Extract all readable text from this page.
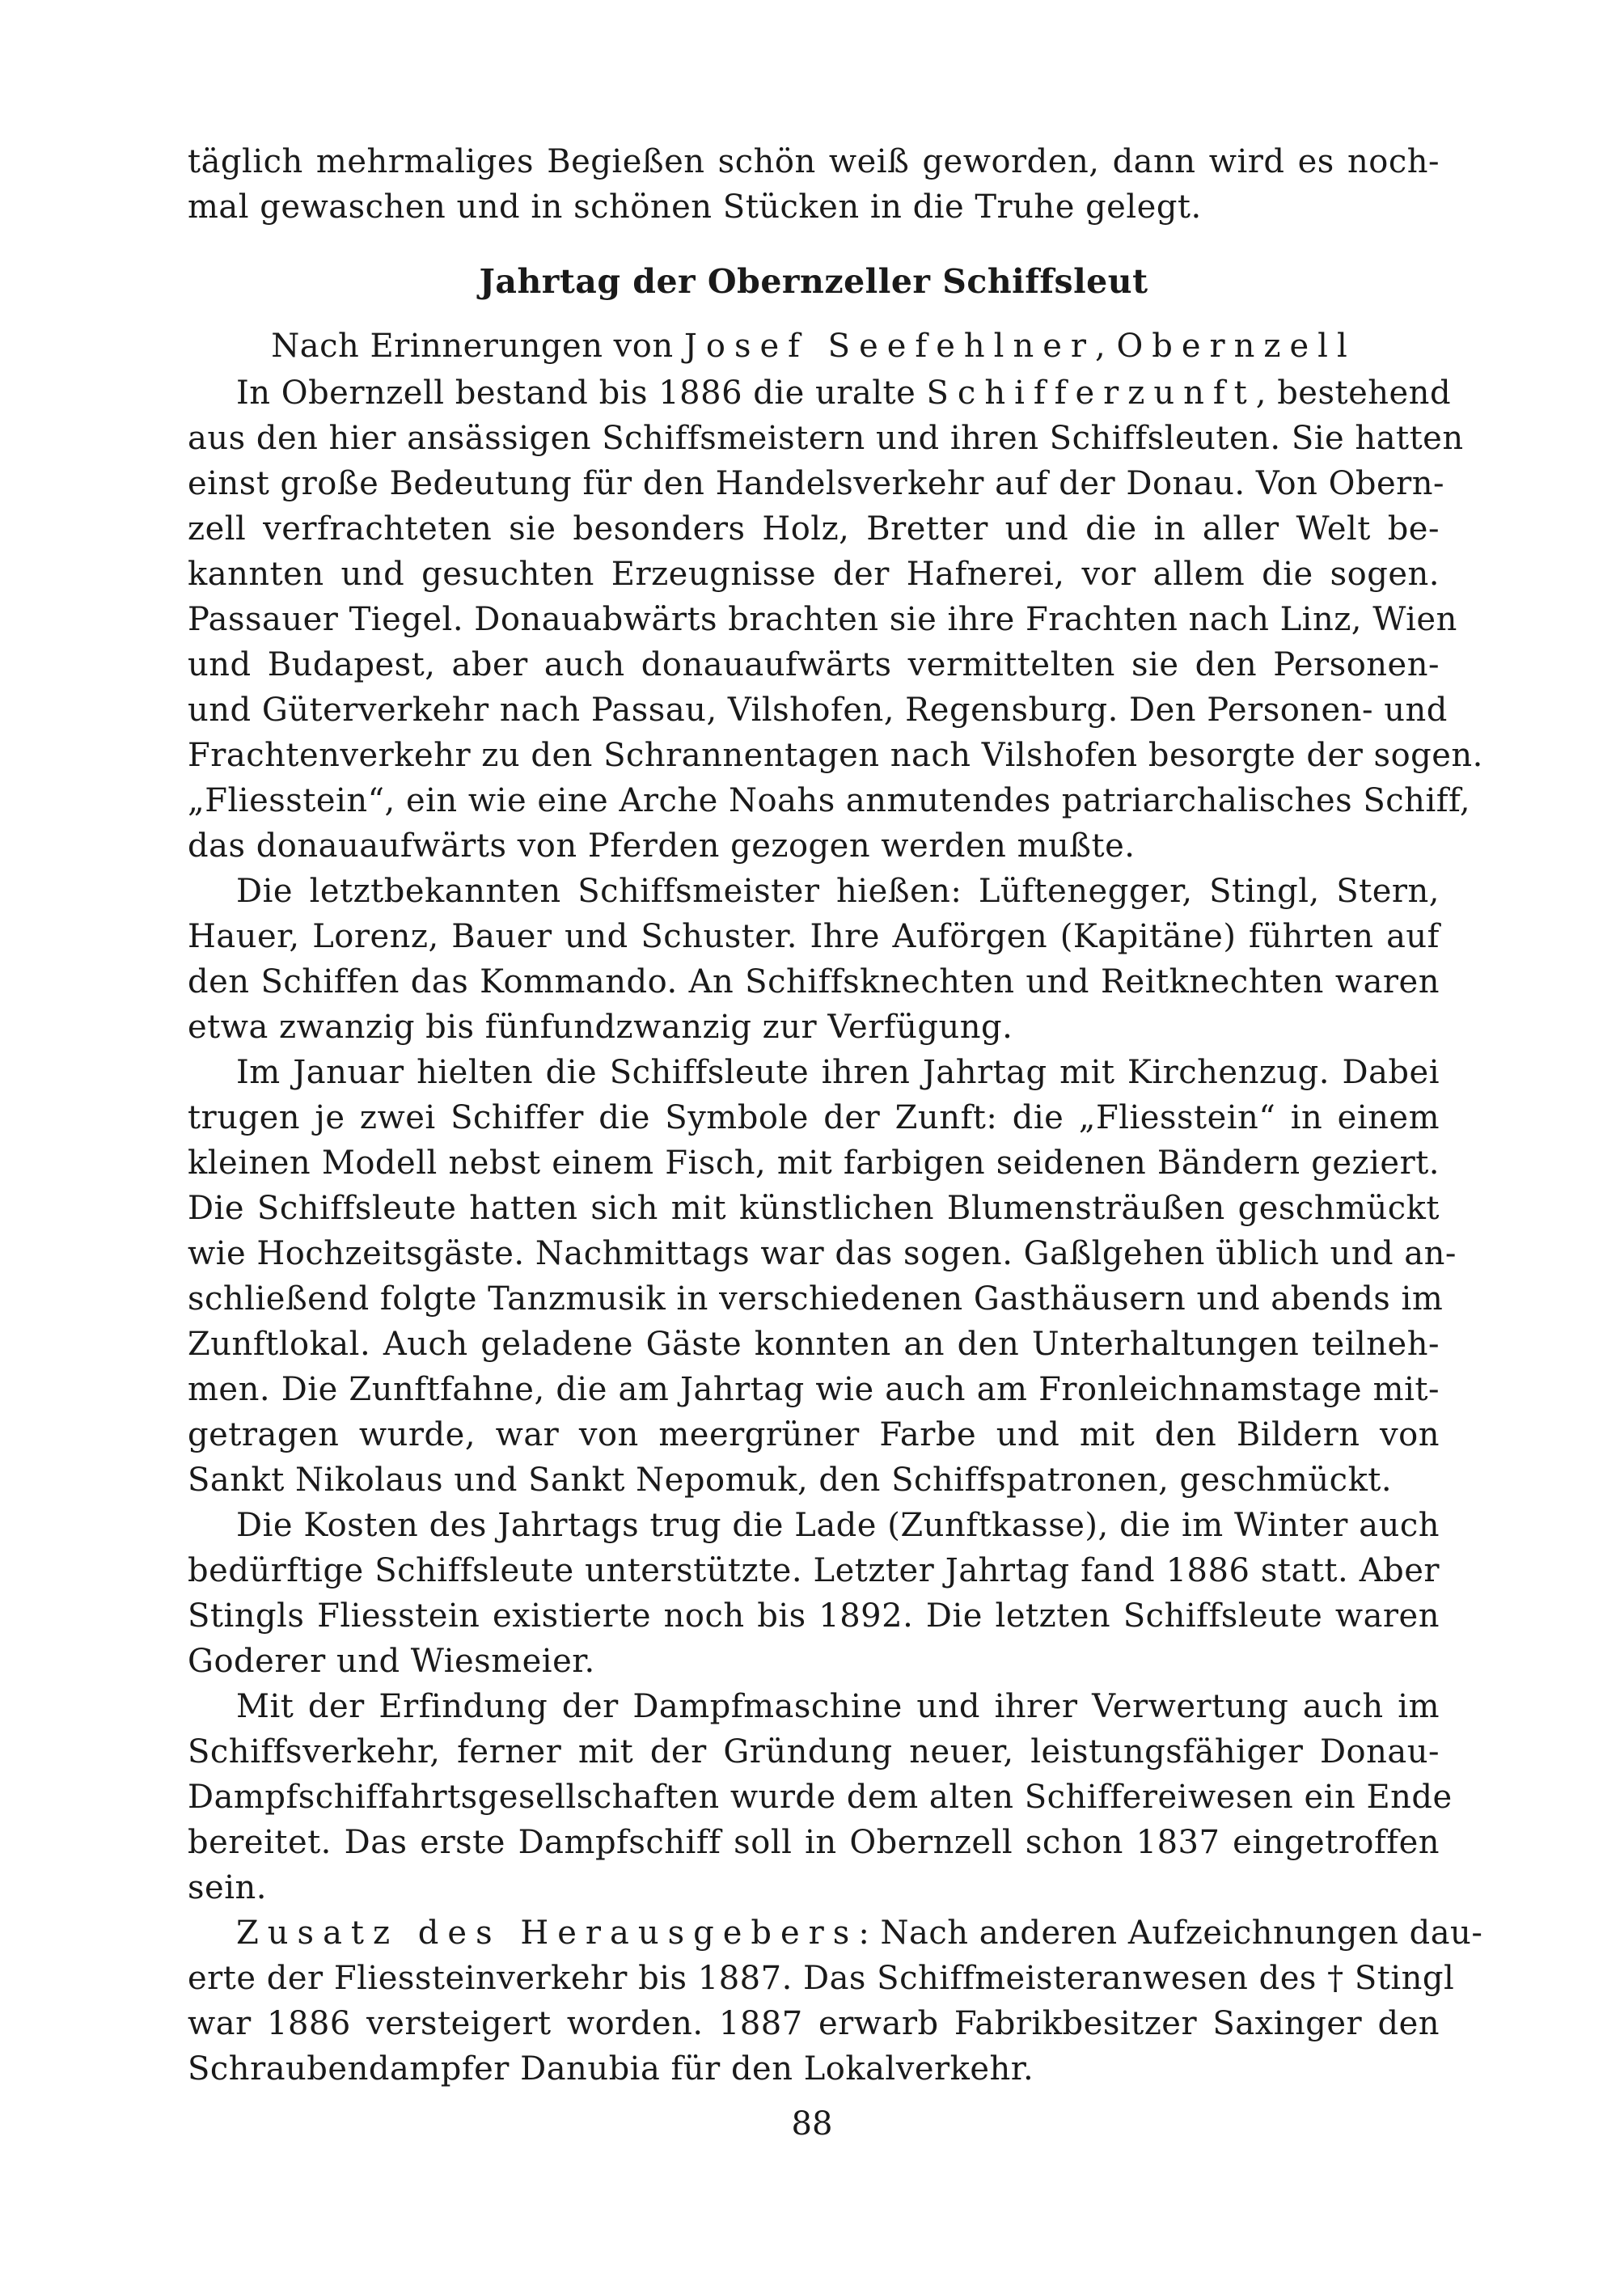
täglich mehrmaliges Begießen schön weiß geworden, dann wird es noch-
mal gewaschen und in schönen Stücken in die Truhe gelegt.
Jahrtag der Obernzeller Schiffsleut
Nach Erinnerungen von Josef Seefehlner, Obernzell
In Obernzell bestand bis 1886 die uralte Schifferzunft, bestehend
aus den hier ansässigen Schiffsmeistern und ihren Schiffsleuten. Sie hatten
einst große Bedeutung für den Handelsverkehr auf der Donau. Von Obern-
zell verfrachteten sie besonders Holz, Bretter und die in aller Welt be-
kannten und gesuchten Erzeugnisse der Hafnerei, vor allem die sogen.
Passauer Tiegel. Donauabwärts brachten sie ihre Frachten nach Linz, Wien
und Budapest, aber auch donauaufwärts vermittelten sie den Personen-
und Güterverkehr nach Passau, Vilshofen, Regensburg. Den Personen- und
Frachtenverkehr zu den Schrannentagen nach Vilshofen besorgte der sogen.
„Fliesstein“, ein wie eine Arche Noahs anmutendes patriarchalisches Schiff,
das donauaufwärts von Pferden gezogen werden mußte.
Die letztbekannten Schiffsmeister hießen: Lüftenegger, Stingl, Stern,
Hauer, Lorenz, Bauer und Schuster. Ihre Auförgen (Kapitäne) führten auf
den Schiffen das Kommando. An Schiffsknechten und Reitknechten waren
etwa zwanzig bis fünfundzwanzig zur Verfügung.
Im Januar hielten die Schiffsleute ihren Jahrtag mit Kirchenzug. Dabei
trugen je zwei Schiffer die Symbole der Zunft: die „Fliesstein“ in einem
kleinen Modell nebst einem Fisch, mit farbigen seidenen Bändern geziert.
Die Schiffsleute hatten sich mit künstlichen Blumensträußen geschmückt
wie Hochzeitsgäste. Nachmittags war das sogen. Gaßlgehen üblich und an-
schließend folgte Tanzmusik in verschiedenen Gasthäusern und abends im
Zunftlokal. Auch geladene Gäste konnten an den Unterhaltungen teilneh-
men. Die Zunftfahne, die am Jahrtag wie auch am Fronleichnamstage mit-
getragen wurde, war von meergrüner Farbe und mit den Bildern von
Sankt Nikolaus und Sankt Nepomuk, den Schiffspatronen, geschmückt.
Die Kosten des Jahrtags trug die Lade (Zunftkasse), die im Winter auch
bedürftige Schiffsleute unterstützte. Letzter Jahrtag fand 1886 statt. Aber
Stingls Fliesstein existierte noch bis 1892. Die letzten Schiffsleute waren
Goderer und Wiesmeier.
Mit der Erfindung der Dampfmaschine und ihrer Verwertung auch im
Schiffsverkehr, ferner mit der Gründung neuer, leistungsfähiger Donau-
Dampfschiffahrtsgesellschaften wurde dem alten Schiffereiwesen ein Ende
bereitet. Das erste Dampfschiff soll in Obernzell schon 1837 eingetroffen
sein.
Zusatz des Herausgebers: Nach anderen Aufzeichnungen dau-
erte der Fliessteinverkehr bis 1887. Das Schiffmeisteranwesen des † Stingl
war 1886 versteigert worden. 1887 erwarb Fabrikbesitzer Saxinger den
Schraubendampfer Danubia für den Lokalverkehr.
88
